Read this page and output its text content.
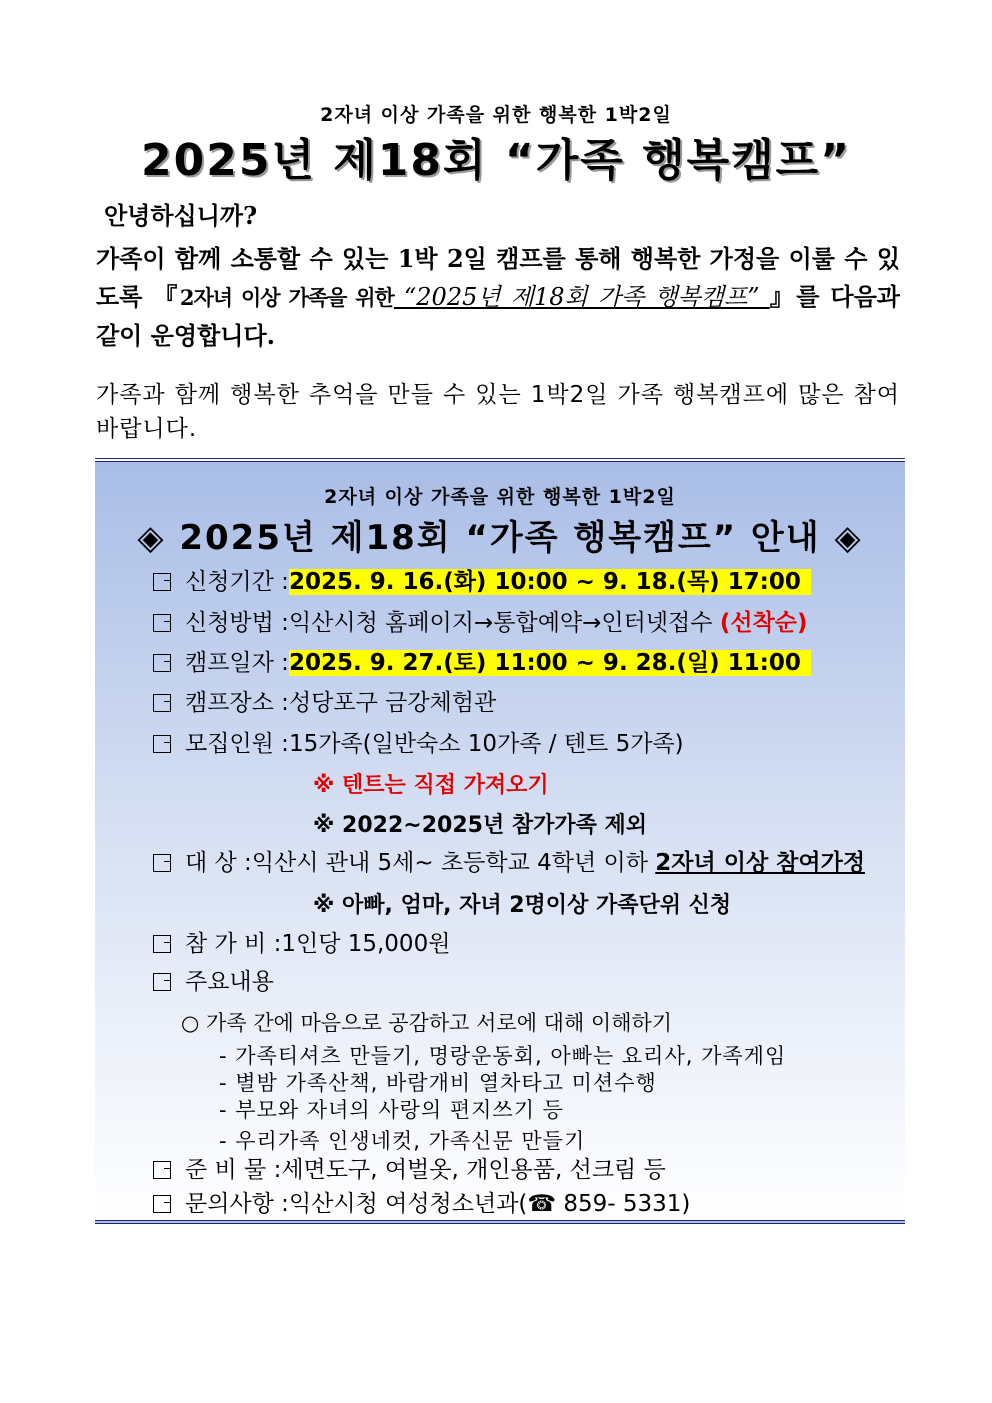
2자녀 이상 가족을 위한 행복한 1박2일
2025년 제18회 “가족 행복캠프”
안녕하십니까?
가족이 함께 소통할 수 있는 1박 2일 캠프를 통해 행복한 가정을 이룰 수 있도록 『2자녀 이상 가족을 위한 “2025년 제18회 가족 행복캠프” 』를 다음과 같이 운영합니다.
가족과 함께 행복한 추억을 만들 수 있는 1박2일 가족 행복캠프에 많은 참여 바랍니다.
2자녀 이상 가족을 위한 행복한 1박2일
◈ 2025년 제18회 “가족 행복캠프” 안내 ◈
신청기간 :2025. 9. 16.(화) 10:00 ~ 9. 18.(목) 17:00
신청방법 :익산시청 홈페이지→통합예약→인터넷접수 (선착순)
캠프일자 :2025. 9. 27.(토) 11:00 ~ 9. 28.(일) 11:00
캠프장소 :성당포구 금강체험관
모집인원 :15가족(일반숙소 10가족 / 텐트 5가족)
※ 텐트는 직접 가져오기
※ 2022~2025년 참가가족 제외
대 상 :익산시 관내 5세~ 초등학교 4학년 이하 2자녀 이상 참여가정
※ 아빠, 엄마, 자녀 2명이상 가족단위 신청
참 가 비 :1인당 15,000원
주요내용
○ 가족 간에 마음으로 공감하고 서로에 대해 이해하기
- 가족티셔츠 만들기, 명랑운동회, 아빠는 요리사, 가족게임
- 별밤 가족산책, 바람개비 열차타고 미션수행
- 부모와 자녀의 사랑의 편지쓰기 등
- 우리가족 인생네컷, 가족신문 만들기
준 비 물 :세면도구, 여벌옷, 개인용품, 선크림 등
문의사항 :익산시청 여성청소년과(☎ 859- 5331)
